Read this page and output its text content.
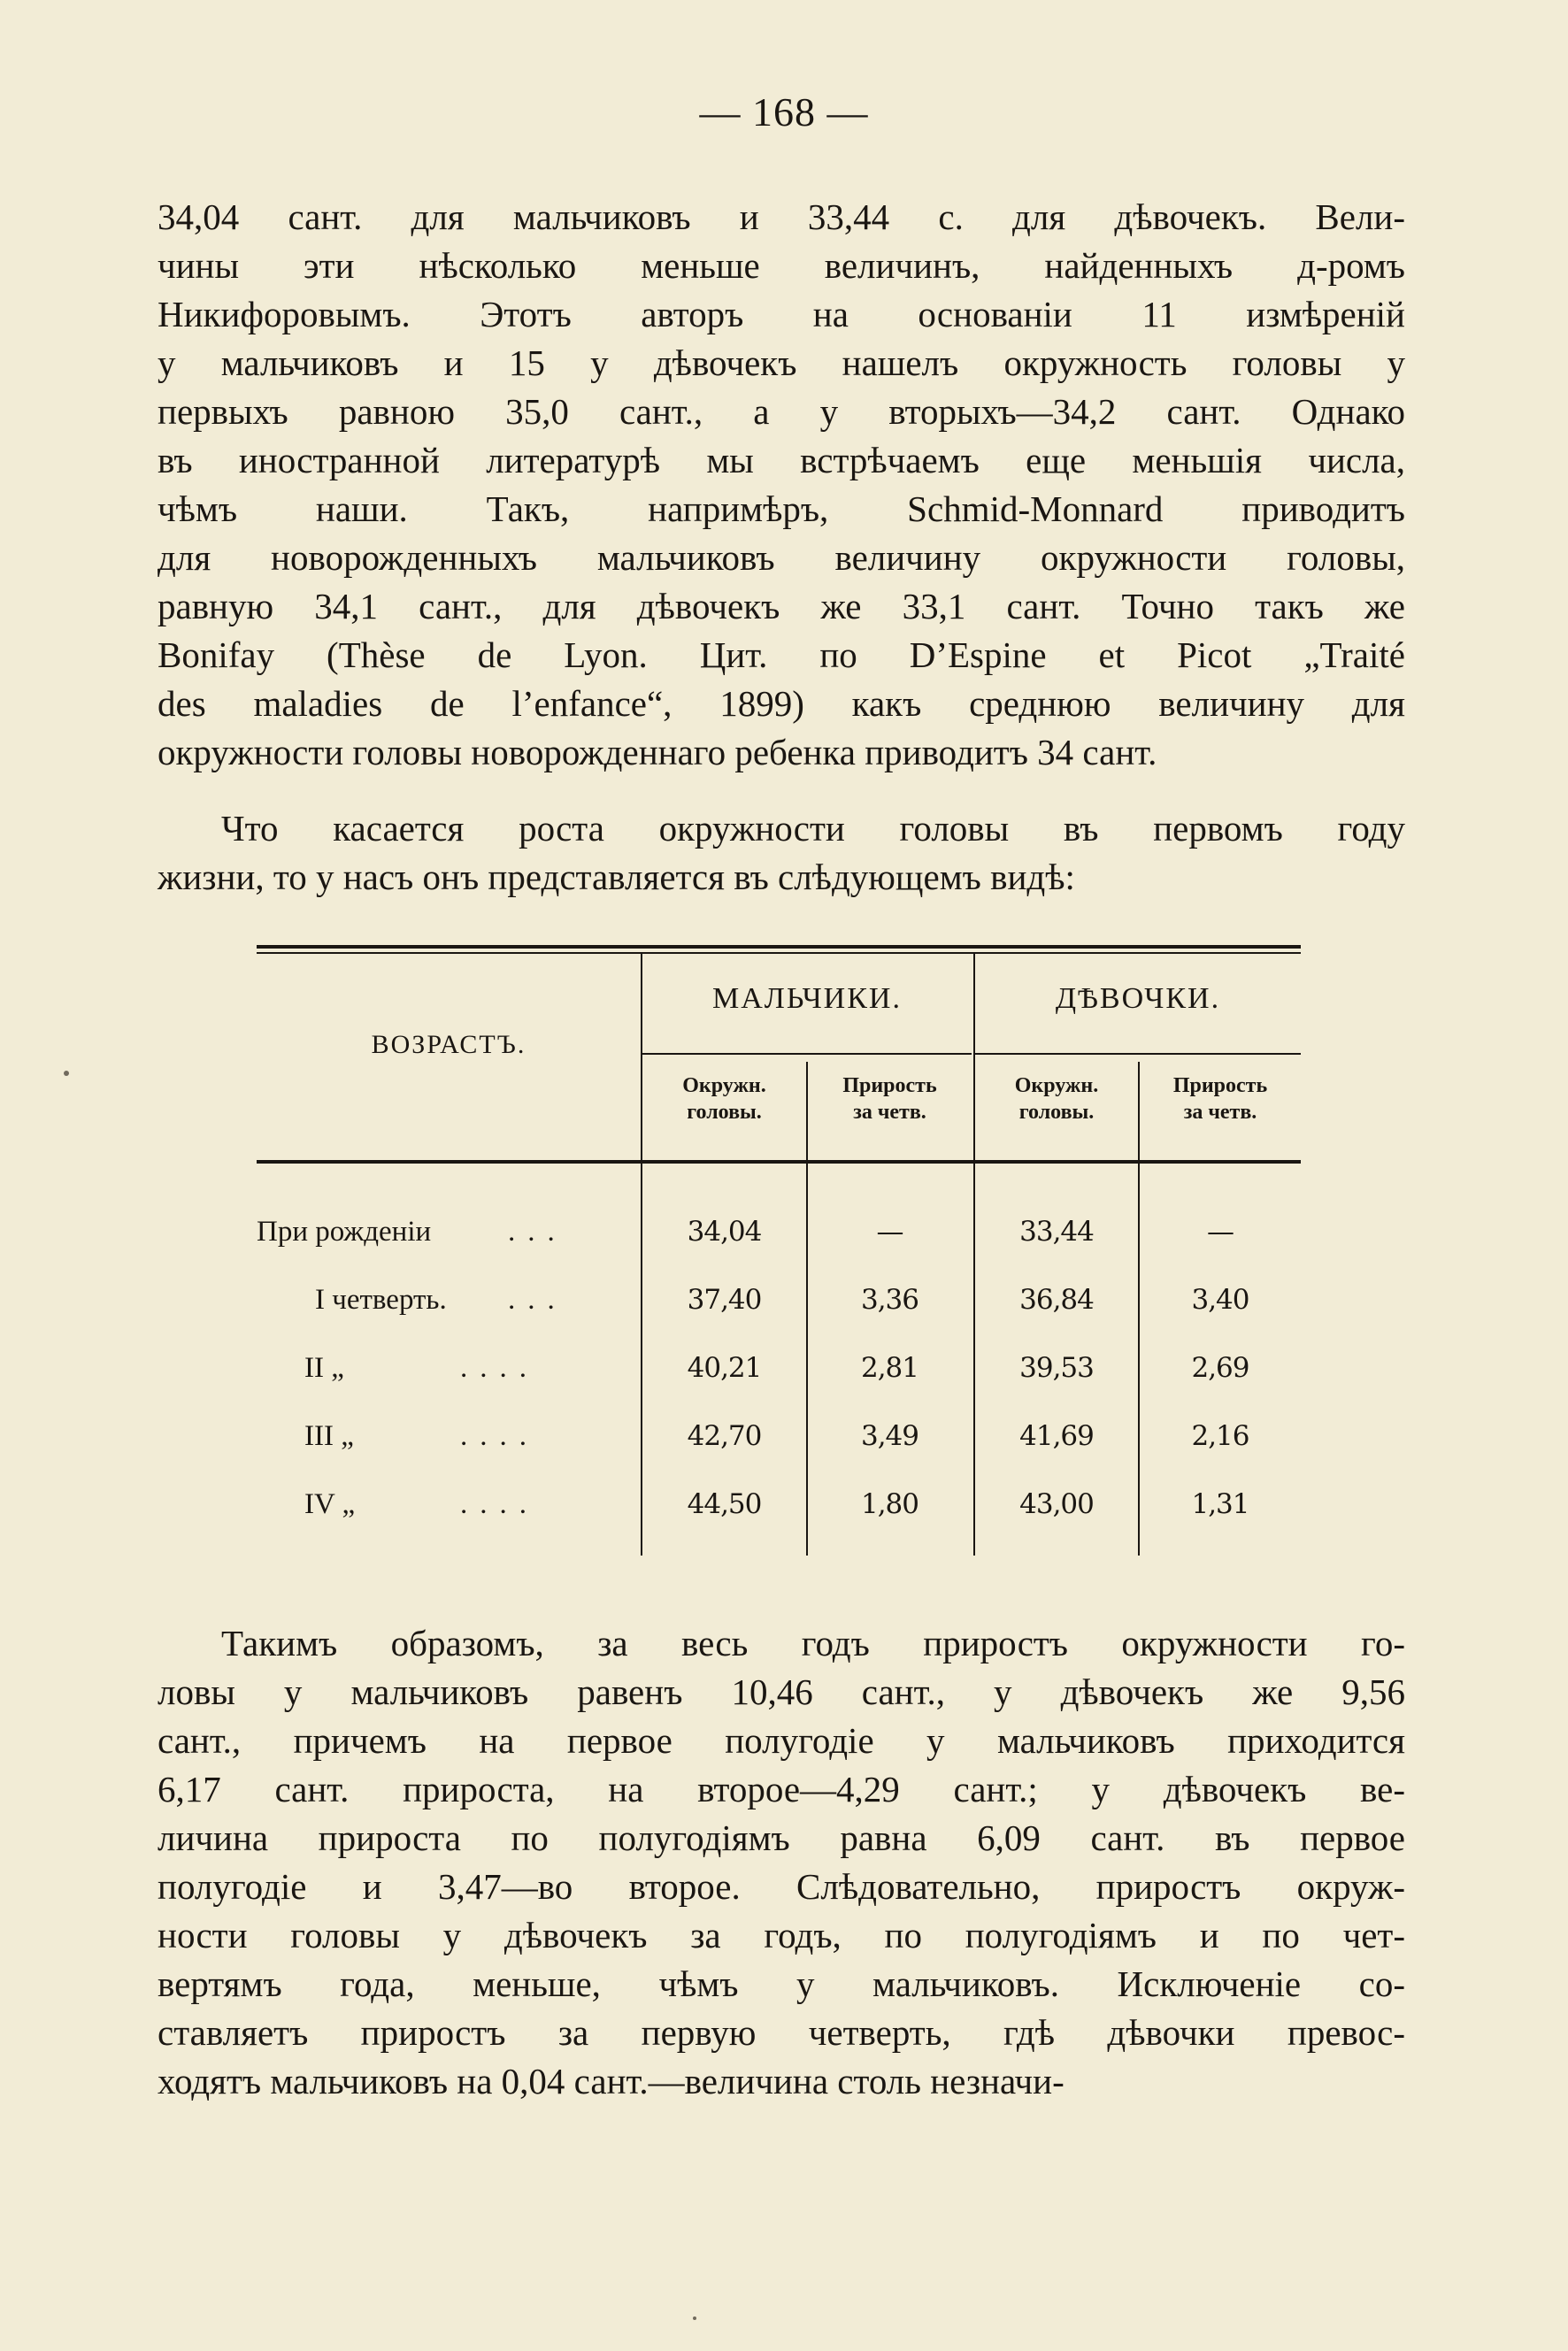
— 168 —
34,04 сант. для мальчиковъ и 33,44 с. для дѣвочекъ. Вели-
чины эти нѣсколько меньше величинъ, найденныхъ д-ромъ
Никифоровымъ. Этотъ авторъ на основаніи 11 измѣреній
у мальчиковъ и 15 у дѣвочекъ нашелъ окружность головы у
первыхъ равною 35,0 сант., а у вторыхъ—34,2 сант. Однако
въ иностранной литературѣ мы встрѣчаемъ еще меньшія числа,
чѣмъ наши. Такъ, напримѣръ, Schmid-Monnard приводитъ
для новорожденныхъ мальчиковъ величину окружности головы,
равную 34,1 сант., для дѣвочекъ же 33,1 сант. Точно такъ же
Bonifay (Thèse de Lyon. Цит. по D’Espine et Picot „Traité
des maladies de l’enfance“, 1899) какъ среднюю величину для
окружности головы новорожденнаго ребенка приводитъ 34 сант.
Что касается роста окружности головы въ первомъ году
жизни, то у насъ онъ представляется въ слѣдующемъ видѣ:
ВОЗРАСТЪ.
МАЛЬЧИКИ.	ДѢВОЧКИ.
Окружн.
головы.
Прирость
за четв.
Окружн.
головы.
Прирость
за четв.
При рожденіи	...	34,04	—	33,44	—
I четверть. ...	37,40	3,36	36,84	3,40
II „	....	40,21	2,81	39,53	2,69
III „	....	42,70	3,49	41,69	2,16
IV „	....	44,50	1,80	43,00	1,31
Такимъ образомъ, за весь годъ приростъ окружности го-
ловы у мальчиковъ равенъ 10,46 сант., у дѣвочекъ же 9,56
сант., причемъ на первое полугодіе у мальчиковъ приходится
6,17 сант. прироста, на второе—4,29 сант.; у дѣвочекъ ве-
личина прироста по полугодіямъ равна 6,09 сант. въ первое
полугодіе и 3,47—во второе. Слѣдовательно, приростъ окруж-
ности головы у дѣвочекъ за годъ, по полугодіямъ и по чет-
вертямъ года, меньше, чѣмъ у мальчиковъ. Исключеніе со-
ставляетъ приростъ за первую четверть, гдѣ дѣвочки превос-
ходятъ мальчиковъ на 0,04 сант.—величина столь незначи-
